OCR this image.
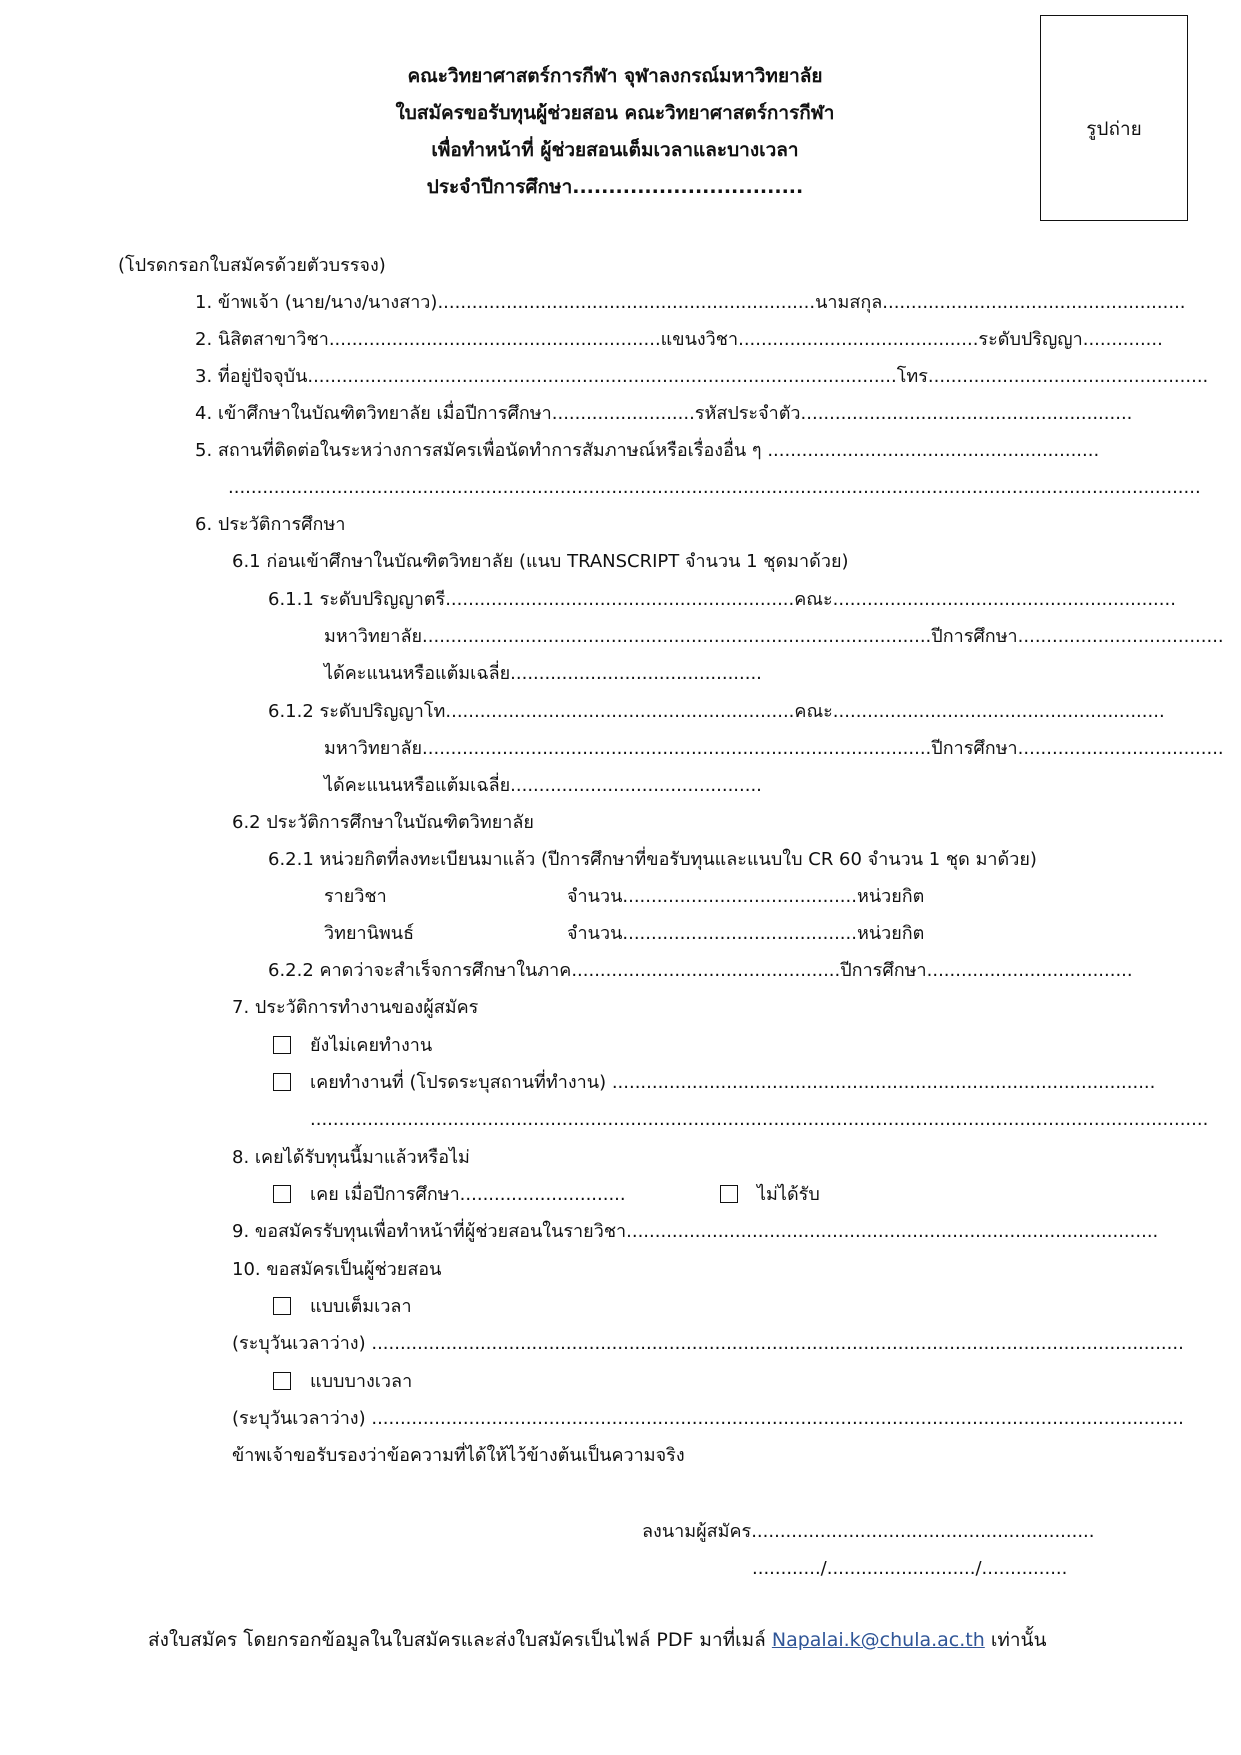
คณะวิทยาศาสตร์การกีฬา จุฬาลงกรณ์มหาวิทยาลัย
ใบสมัครขอรับทุนผู้ช่วยสอน คณะวิทยาศาสตร์การกีฬา
เพื่อทำหน้าที่ ผู้ช่วยสอนเต็มเวลาและบางเวลา
ประจำปีการศึกษา................................
รูปถ่าย
(โปรดกรอกใบสมัครด้วยตัวบรรจง)
1. ข้าพเจ้า (นาย/นาง/นางสาว)..................................................................นามสกุล.....................................................
2. นิสิตสาขาวิชา..........................................................แขนงวิชา..........................................ระดับปริญญา..............
3. ที่อยู่ปัจจุบัน.......................................................................................................โทร.................................................
4. เข้าศึกษาในบัณฑิตวิทยาลัย เมื่อปีการศึกษา.........................รหัสประจำตัว..........................................................
5. สถานที่ติดต่อในระหว่างการสมัครเพื่อนัดทำการสัมภาษณ์หรือเรื่องอื่น ๆ ..........................................................
..........................................................................................................................................................................
6. ประวัติการศึกษา
6.1 ก่อนเข้าศึกษาในบัณฑิตวิทยาลัย (แนบ TRANSCRIPT จำนวน 1 ชุดมาด้วย)
6.1.1 ระดับปริญญาตรี.............................................................คณะ............................................................
มหาวิทยาลัย.........................................................................................ปีการศึกษา....................................
ได้คะแนนหรือแต้มเฉลี่ย............................................
6.1.2 ระดับปริญญาโท.............................................................คณะ..........................................................
มหาวิทยาลัย.........................................................................................ปีการศึกษา....................................
ได้คะแนนหรือแต้มเฉลี่ย............................................
6.2 ประวัติการศึกษาในบัณฑิตวิทยาลัย
6.2.1 หน่วยกิตที่ลงทะเบียนมาแล้ว (ปีการศึกษาที่ขอรับทุนและแนบใบ CR 60 จำนวน 1 ชุด มาด้วย)
รายวิชา	จำนวน.........................................หน่วยกิต
วิทยานิพนธ์	จำนวน.........................................หน่วยกิต
6.2.2 คาดว่าจะสำเร็จการศึกษาในภาค...............................................ปีการศึกษา....................................
7. ประวัติการทำงานของผู้สมัคร
ยังไม่เคยทำงาน
เคยทำงานที่ (โปรดระบุสถานที่ทำงาน) ...............................................................................................
.............................................................................................................................................................
8. เคยได้รับทุนนี้มาแล้วหรือไม่
เคย เมื่อปีการศึกษา.............................	ไม่ได้รับ
9. ขอสมัครรับทุนเพื่อทำหน้าที่ผู้ช่วยสอนในรายวิชา.............................................................................................
10. ขอสมัครเป็นผู้ช่วยสอน
แบบเต็มเวลา
(ระบุวันเวลาว่าง) ..............................................................................................................................................
แบบบางเวลา
(ระบุวันเวลาว่าง) ..............................................................................................................................................
ข้าพเจ้าขอรับรองว่าข้อความที่ได้ให้ไว้ข้างต้นเป็นความจริง
ลงนามผู้สมัคร............................................................
............/........................../...............
ส่งใบสมัคร โดยกรอกข้อมูลในใบสมัครและส่งใบสมัครเป็นไฟล์ PDF มาที่เมล์ Napalai.k@chula.ac.th เท่านั้น
